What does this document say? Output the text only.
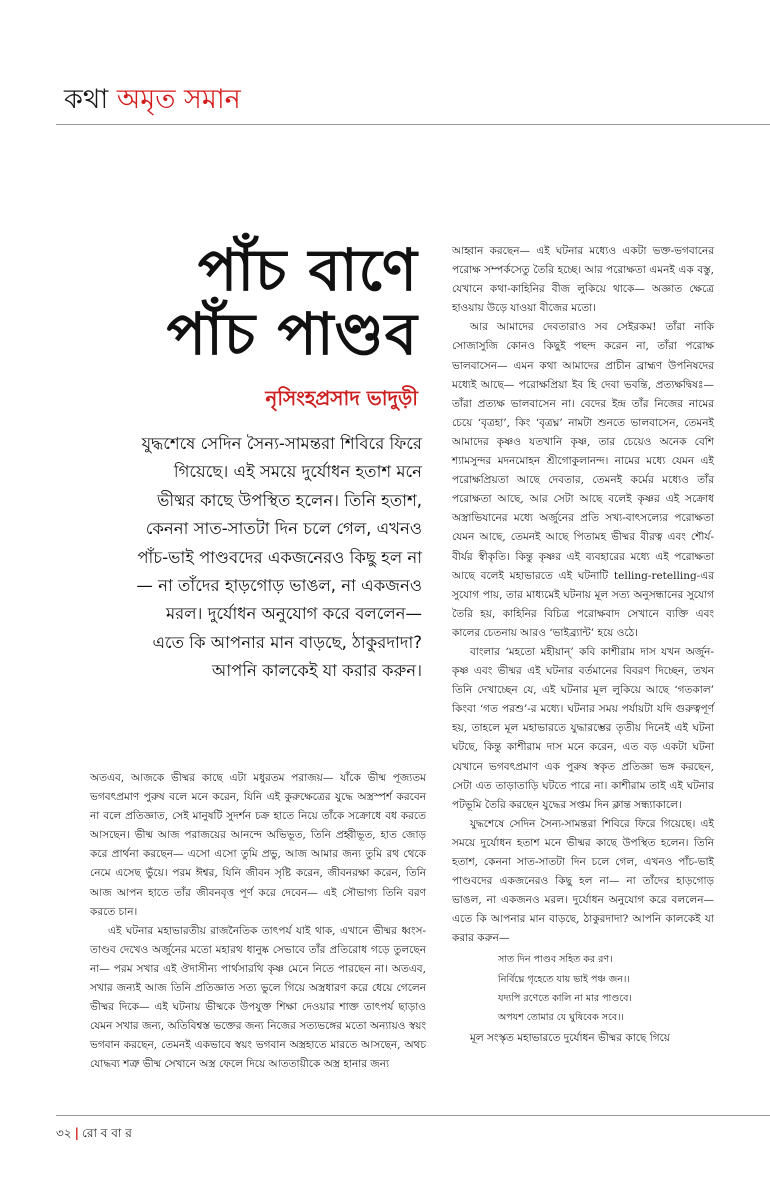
কথা অমৃত সমান
পাঁচ বাণে
পাঁচ পাণ্ডব
নৃসিংহপ্রসাদ ভাদুড়ী

যুদ্ধশেষে সেদিন সৈন্য-সামন্তরা শিবিরে ফিরে গিয়েছে। এই সময়ে দুর্যোধন হতাশ মনে ভীষ্মর কাছে উপস্থিত হলেন। তিনি হতাশ, কেননা সাত-সাতটা দিন চলে গেল, এখনও পাঁচ-ভাই পাণ্ডবদের একজনেরও কিছু হল না— না তাঁদের হাড়গোড় ভাঙল, না একজনও মরল। দুর্যোধন অনুযোগ করে বললেন— এতে কি আপনার মান বাড়ছে, ঠাকুরদাদা? আপনি কালকেই যা করার করুন।

অতএব, আজকে ভীষ্মর কাছে এটা মধুরতম পরাজয়— যাঁকে ভীষ্ম পূজ্যতম ভগবৎপ্রমাণ পুরুষ বলে মনে করেন, যিনি এই কুরুক্ষেত্রের যুদ্ধে অস্ত্রস্পর্শ করবেন না বলে প্রতিজ্ঞাত, সেই মানুষটি সুদর্শন চক্র হাতে নিয়ে তাঁকে সক্রোধে বধ করতে আসছেন। ভীষ্ম আজ পরাজয়ের আনন্দে অভিভূত, তিনি প্রহ্বীভূত, হাত জোড় করে প্রার্থনা করছেন— এসো এসো তুমি প্রভু, আজ আমার জন্য তুমি রথ থেকে নেমে এসেছ ভুঁয়ে। পরম ঈশ্বর, যিনি জীবন সৃষ্টি করেন, জীবনরক্ষা করেন, তিনি আজ আপন হাতে তাঁর জীবনবৃত্ত পূর্ণ করে দেবেন— এই সৌভাগ্য তিনি বরণ করতে চান।

এই ঘটনার মহাভারতীয় রাজনৈতিক তাৎপর্য যাই থাক, এখানে ভীষ্মর ধ্বংস-তাণ্ডব দেখেও অর্জুনের মতো মহারথ ধানুষ্ক সেভাবে তাঁর প্রতিরোধ গড়ে তুলছেন না— পরম সখার এই ঔদাসীন্য পার্থসারথি কৃষ্ণ মেনে নিতে পারছেন না। অতএব, সখার জন্যই আজ তিনি প্রতিজ্ঞাত সত্য ভুলে গিয়ে অস্ত্রধারণ করে ধেয়ে গেলেন ভীষ্মর দিকে— এই ঘটনায় ভীষ্মকে উপযুক্ত শিক্ষা দেওয়ার শাক্ত তাৎপর্য ছাড়াও যেমন সখার জন্য, অতিবিশ্বস্ত ভক্তের জন্য নিজের সত্যভঙ্গের মতো অন্যায়ও স্বয়ং ভগবান করছেন, তেমনই একভাবে স্বয়ং ভগবান অস্ত্রহাতে মারতে আসছেন, অথচ যোদ্ধব্য শত্রু ভীষ্ম সেখানে অস্ত্র ফেলে দিয়ে আততায়ীকে অস্ত্র হানার জন্য

আহ্বান করছেন— এই ঘটনার মধ্যেও একটা ভক্ত-ভগবানের পরোক্ষ সম্পর্কসেতু তৈরি হচ্ছে। আর পরোক্ষতা এমনই এক বস্তু, যেখানে কথা-কাহিনির বীজ লুকিয়ে থাকে— অজ্ঞাত ক্ষেত্রে হাওয়ায় উড়ে যাওয়া বীজের মতো।

আর আমাদের দেবতারাও সব সেইরকম! তাঁরা নাকি সোজাসুজি কোনও কিছুই পছন্দ করেন না, তাঁরা পরোক্ষ ভালবাসেন— এমন কথা আমাদের প্রাচীন ব্রাহ্মণ উপনিষদের মধ্যেই আছে— পরোক্ষপ্রিয়া ইব হি দেবা ভবন্তি, প্রত্যক্ষদ্বিষঃ— তাঁরা প্রত্যক্ষ ভালবাসেন না। বেদের ইন্দ্র তাঁর নিজের নামের চেয়ে ‘বৃত্রহা’, কিং ‘বৃত্রঘ্ন’ নামটা শুনতে ভালবাসেন, তেমনই আমাদের কৃষ্ণও যতখানি কৃষ্ণ, তার চেয়েও অনেক বেশি শ্যামসুন্দর মদনমোহন শ্রীগোকুলানন্দ। নামের মধ্যে যেমন এই পরোক্ষপ্রিয়তা আছে দেবতার, তেমনই কর্মের মধ্যেও তাঁর পরোক্ষতা আছে, আর সেটা আছে বলেই কৃষ্ণর এই সক্রোধ অস্ত্রাভিযানের মধ্যে অর্জুনের প্রতি সখ্য-বাৎসল্যের পরোক্ষতা যেমন আছে, তেমনই আছে পিতামহ ভীষ্মর বীরত্ব এবং শৌর্য-বীর্যর স্বীকৃতি। কিন্তু কৃষ্ণর এই ব্যবহারের মধ্যে এই পরোক্ষতা আছে বলেই মহাভারতে এই ঘটনাটি telling-retelling-এর সুযোগ পায়, তার মাধ্যমেই ঘটনায় মূল সত্য অনুসন্ধানের সুযোগ তৈরি হয়, কাহিনির বিচিত্র পরোক্ষবাদ সেখানে ব্যক্তি এবং কালের চেতনায় আরও ‘ভাইব্র্যান্ট’ হয়ে ওঠে।

বাংলার ‘মহতো মহীয়ান্’ কবি কাশীরাম দাস যখন অর্জুন-কৃষ্ণ এবং ভীষ্মর এই ঘটনার বর্তমানের বিবরণ দিচ্ছেন, তখন তিনি দেখাচ্ছেন যে, এই ঘটনার মূল লুকিয়ে আছে ‘গতকাল’ কিংবা ‘গত পরশু’-র মধ্যে। ঘটনার সময় পর্যায়টা যদি গুরুত্বপূর্ণ হয়, তাহলে মূল মহাভারতে যুদ্ধারম্ভের তৃতীয় দিনেই এই ঘটনা ঘটছে, কিন্তু কাশীরাম দাস মনে করেন, এত বড় একটা ঘটনা যেখানে ভগবৎপ্রমাণ এক পুরুষ স্বকৃত প্রতিজ্ঞা ভঙ্গ করছেন, সেটা এত তাড়াতাড়ি ঘটতে পারে না। কাশীরাম তাই এই ঘটনার পটভূমি তৈরি করছেন যুদ্ধের সপ্তম দিন ক্লান্ত সন্ধ্যাকালে।

যুদ্ধশেষে সেদিন সৈন্য-সামন্তরা শিবিরে ফিরে গিয়েছে। এই সময়ে দুর্যোধন হতাশ মনে ভীষ্মর কাছে উপস্থিত হলেন। তিনি হতাশ, কেননা সাত-সাতটা দিন চলে গেল, এখনও পাঁচ-ভাই পাণ্ডবদের একজনেরও কিছু হল না— না তাঁদের হাড়গোড় ভাঙল, না একজনও মরল। দুর্যোধন অনুযোগ করে বললেন— এতে কি আপনার মান বাড়ছে, ঠাকুরদাদা? আপনি কালকেই যা করার করুন—

সাত দিন পাণ্ডব সহিত কর রণ।
নির্বিঘ্নে গৃহেতে যায় ভাই পঞ্চ জন।।
যদ্যপি রণেতে কালি না মার পাণ্ডবে।
অপযশ তোমার যে ঘুষিবেক সবে।।

মূল সংস্কৃত মহাভারতে দুর্যোধন ভীষ্মর কাছে গিয়ে

৩২ | রো ব বা র
